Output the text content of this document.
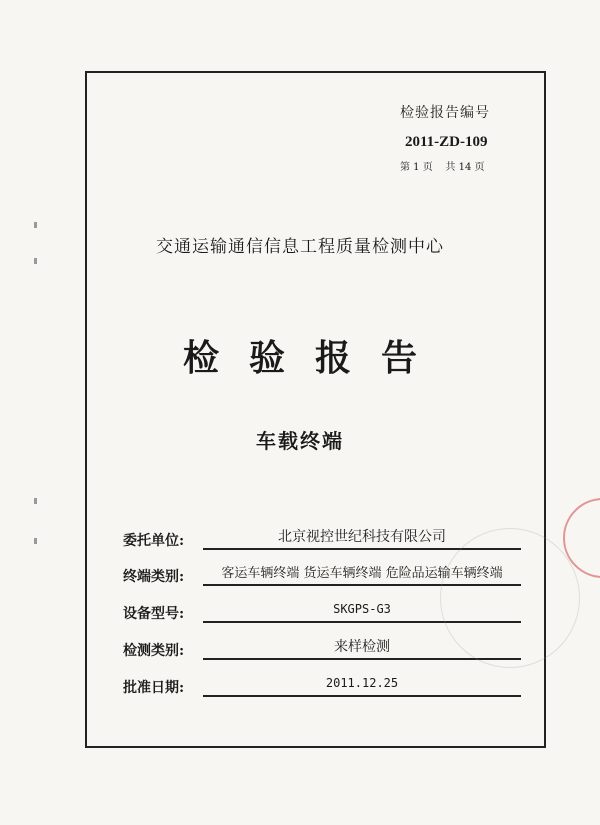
检验报告编号
2011-ZD-109
第 1 页    共 14 页
交通运输通信信息工程质量检测中心
检验报告
车载终端
委托单位:	北京视控世纪科技有限公司
终端类别:	客运车辆终端 货运车辆终端 危险品运输车辆终端
设备型号:	SKGPS-G3
检测类别:	来样检测
批准日期:	2011.12.25
